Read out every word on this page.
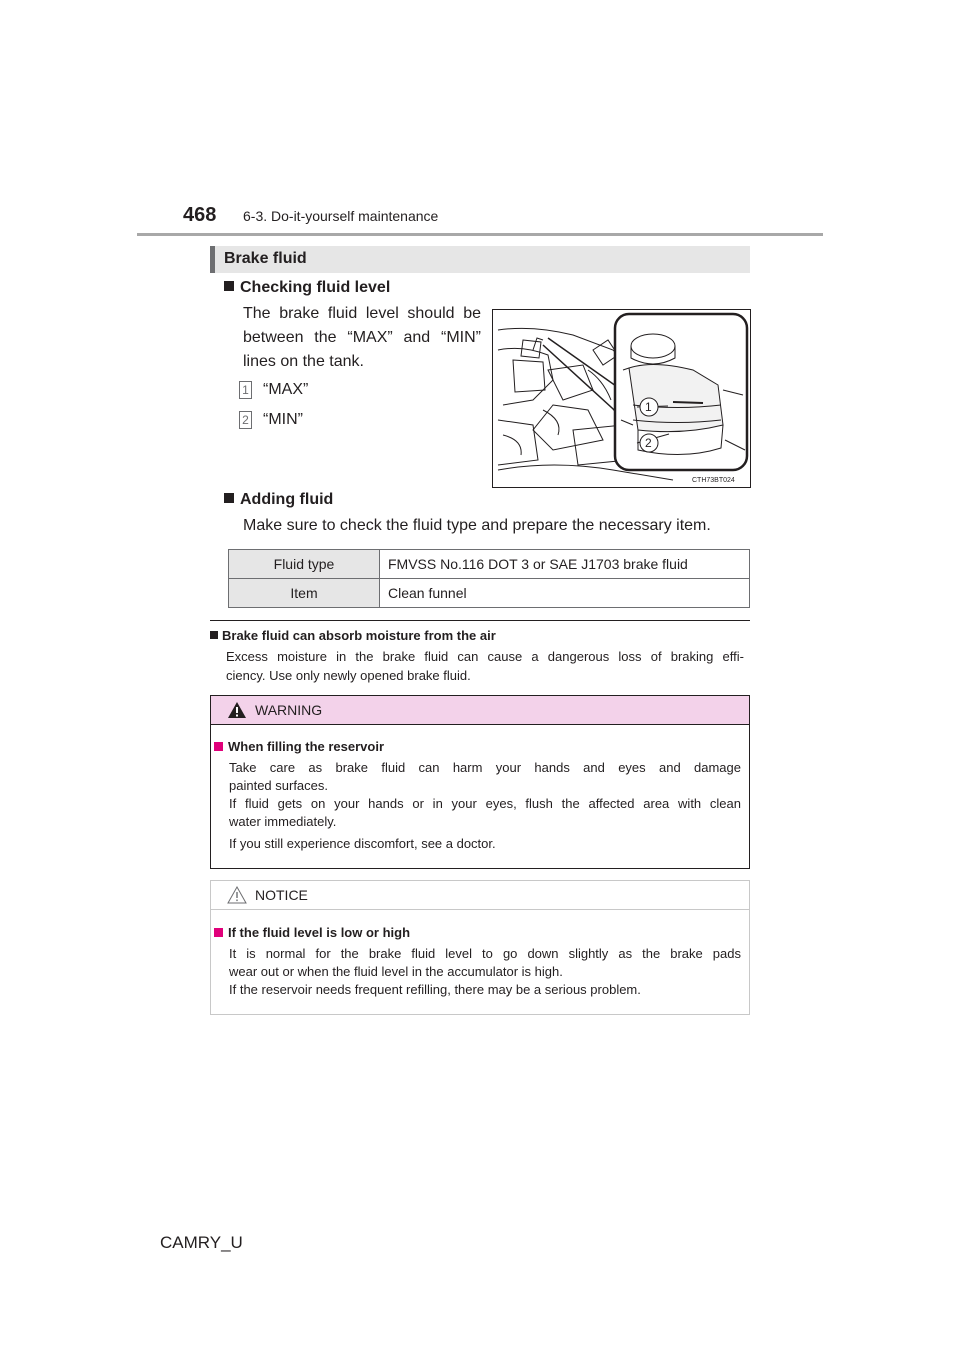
468 6-3. Do-it-yourself maintenance
Brake fluid
Checking fluid level
The brake fluid level should be
between the “MAX” and “MIN”
lines on the tank.
1 “MAX”
2 “MIN”
1
2
CTH73BT024
Adding fluid
Make sure to check the fluid type and prepare the necessary item.
Fluid type	FMVSS No.116 DOT 3 or SAE J1703 brake fluid
Item	Clean funnel
Brake fluid can absorb moisture from the air
Excess moisture in the brake fluid can cause a dangerous loss of braking effi-
ciency. Use only newly opened brake fluid.
WARNING
When filling the reservoir
Take care as brake fluid can harm your hands and eyes and damage
painted surfaces.
If fluid gets on your hands or in your eyes, flush the affected area with clean
water immediately.
If you still experience discomfort, see a doctor.
NOTICE
If the fluid level is low or high
It is normal for the brake fluid level to go down slightly as the brake pads
wear out or when the fluid level in the accumulator is high.
If the reservoir needs frequent refilling, there may be a serious problem.
CAMRY_U
